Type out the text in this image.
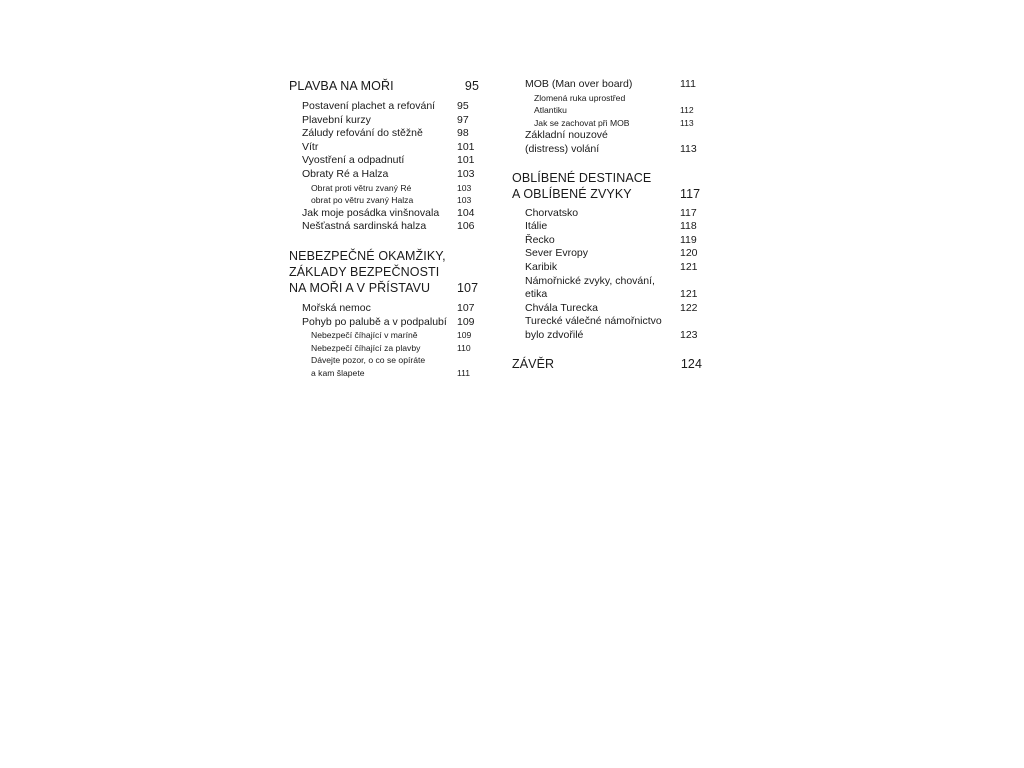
PLAVBA NA MOŘI	95
Postavení plachet a refování 95
Plavební kurzy	97
Záludy refování do stěžně	98
Vítr	101
Vyostření a odpadnutí	101
Obraty Ré a Halza	103
Obrat proti větru zvaný Ré	103
obrat po větru zvaný Halza	103
Jak moje posádka vinšnovala 104
Nešťastná sardinská halza	106
NEBEZPEČNÉ OKAMŽIKY,
ZÁKLADY BEZPEČNOSTI
NA MOŘI A V PŘÍSTAVU 107
Mořská nemoc	107
Pohyb po palubě a v podpalubí 109
Nebezpečí číhající v maríně	109
Nebezpečí číhající za plavby	110
Dávejte pozor, o co se opíráte
a kam šlapete	111
MOB (Man over board)	111
Zlomená ruka uprostřed
Atlantiku	112
Jak se zachovat při MOB	113
Základní nouzové
(distress) volání	113
OBLÍBENÉ DESTINACE
A OBLÍBENÉ ZVYKY	117
Chorvatsko	117
Itálie	118
Řecko	119
Sever Evropy	120
Karibik	121
Námořnické zvyky, chování,
etika	121
Chvála Turecka	122
Turecké válečné námořnictvo
bylo zdvořilé	123
ZÁVĚR	124
